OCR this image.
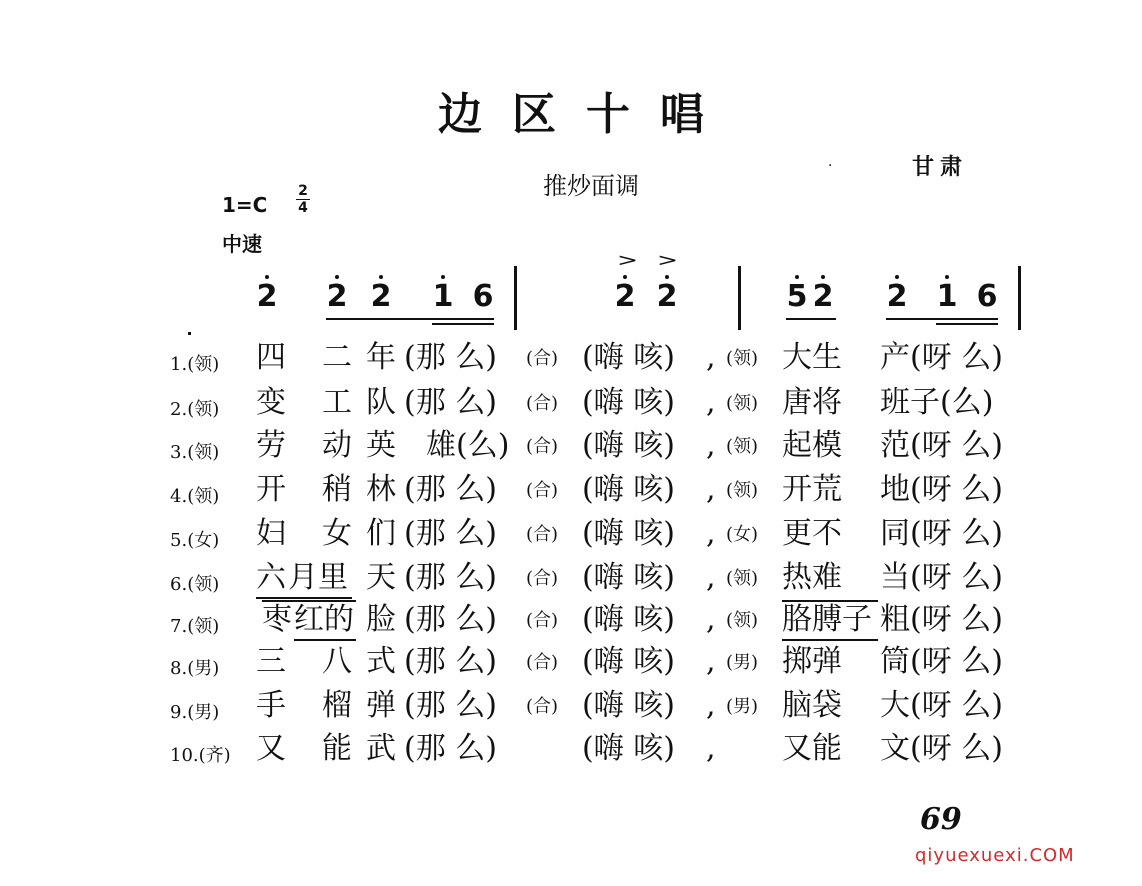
边区十唱
推炒面调
·	甘肃
1=C
2
4
中速
2 2 2 1 6
> >
2 2	5 2 2 1 6
1.(领) 四 二 年 (那 么) (合) (嗨 咳) , (领) 大 生 产 (呀 么)
2.(领) 变 工 队 (那 么) (合) (嗨 咳) , (领) 唐 将 班 子(么)
3.(领) 劳 动 英 雄(么) (合) (嗨 咳) , (领) 起 模 范 (呀 么)
4.(领) 开 稍 林 (那 么) (合) (嗨 咳) , (领) 开 荒 地 (呀 么)
5.(女) 妇 女 们 (那 么) (合) (嗨 咳) , (女) 更 不 同 (呀 么)
6.(领) 六 月里 天 (那 么) (合) (嗨 咳) , (领) 热 难 当 (呀 么)
7.(领) 枣 红的 脸 (那 么) (合) (嗨 咳) , (领) 胳 膊子 粗 (呀 么)
8.(男) 三 八 式 (那 么) (合) (嗨 咳) , (男) 掷 弹 筒 (呀 么)
9.(男) 手 榴 弹 (那 么) (合) (嗨 咳) , (男) 脑 袋 大 (呀 么)
10.(齐) 又 能 武 (那 么)	(嗨 咳) , 又 能 文 (呀 么)
69
qiyuexuexi.COM
